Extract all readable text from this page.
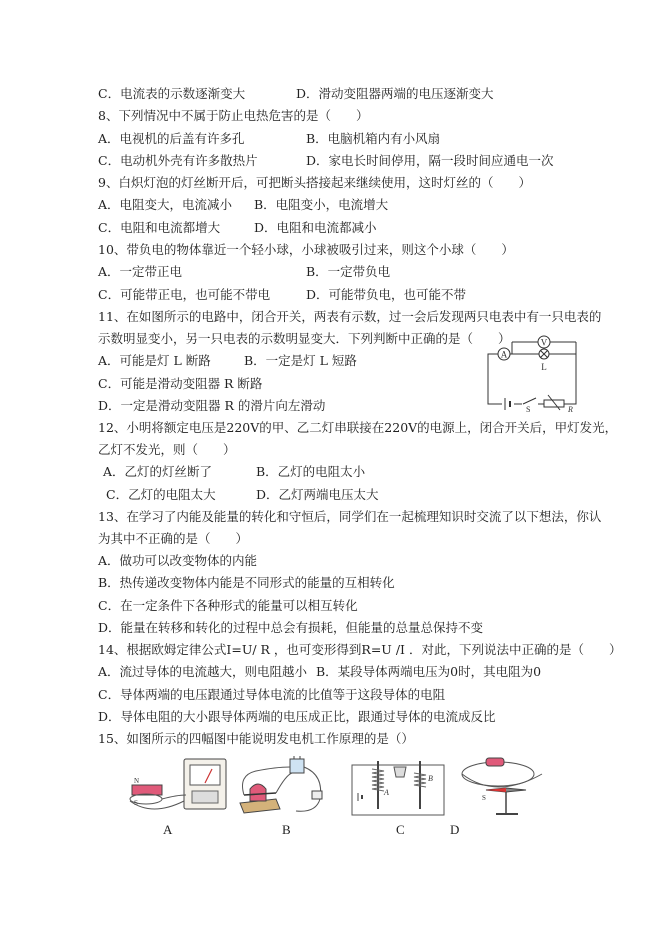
C．电流表的示数逐渐变大	D．滑动变阻器两端的电压逐渐变大
8、下列情况中不属于防止电热危害的是（　　）
A．电视机的后盖有许多孔	B．电脑机箱内有小风扇
C．电动机外壳有许多散热片	D．家电长时间停用，隔一段时间应通电一次
9、白炽灯泡的灯丝断开后，可把断头搭接起来继续使用，这时灯丝的（　　）
A．电阻变大，电流减小 B．电阻变小，电流增大
C．电阻和电流都增大	D．电阻和电流都减小
10、带负电的物体靠近一个轻小球，小球被吸引过来，则这个小球（　　）
A．一定带正电	B．一定带负电
C．可能带正电，也可能不带电	D．可能带负电，也可能不带
11、在如图所示的电路中，闭合开关，两表有示数，过一会后发现两只电表中有一只电表的
示数明显变小，另一只电表的示数明显变大．下列判断中正确的是（　　）
A．可能是灯 L 断路	B．一定是灯 L 短路
C．可能是滑动变阻器 R 断路
D．一定是滑动变阻器 R 的滑片向左滑动
A
V
L
S	R
12、小明将额定电压是220V的甲、乙二灯串联接在220V的电源上，闭合开关后，甲灯发光，
乙灯不发光，则（　　）
A．乙灯的灯丝断了	B．乙灯的电阻太小
C．乙灯的电阻太大	D．乙灯两端电压太大
13、在学习了内能及能量的转化和守恒后，同学们在一起梳理知识时交流了以下想法，你认
为其中不正确的是（　　）
A．做功可以改变物体的内能
B．热传递改变物体内能是不同形式的能量的互相转化
C．在一定条件下各种形式的能量可以相互转化
D．能量在转移和转化的过程中总会有损耗，但能量的总量总保持不变
14、根据欧姆定律公式I=U/ R ，也可变形得到R=U /I ．对此，下列说法中正确的是（　　）
A．流过导体的电流越大，则电阻越小 B．某段导体两端电压为0时，其电阻为0
C．导体两端的电压跟通过导体电流的比值等于这段导体的电阻
D．导体电阻的大小跟导体两端的电压成正比，跟通过导体的电流成反比
15、如图所示的四幅图中能说明发电机工作原理的是（）
N
S
A
B
S
A	B	C	D
